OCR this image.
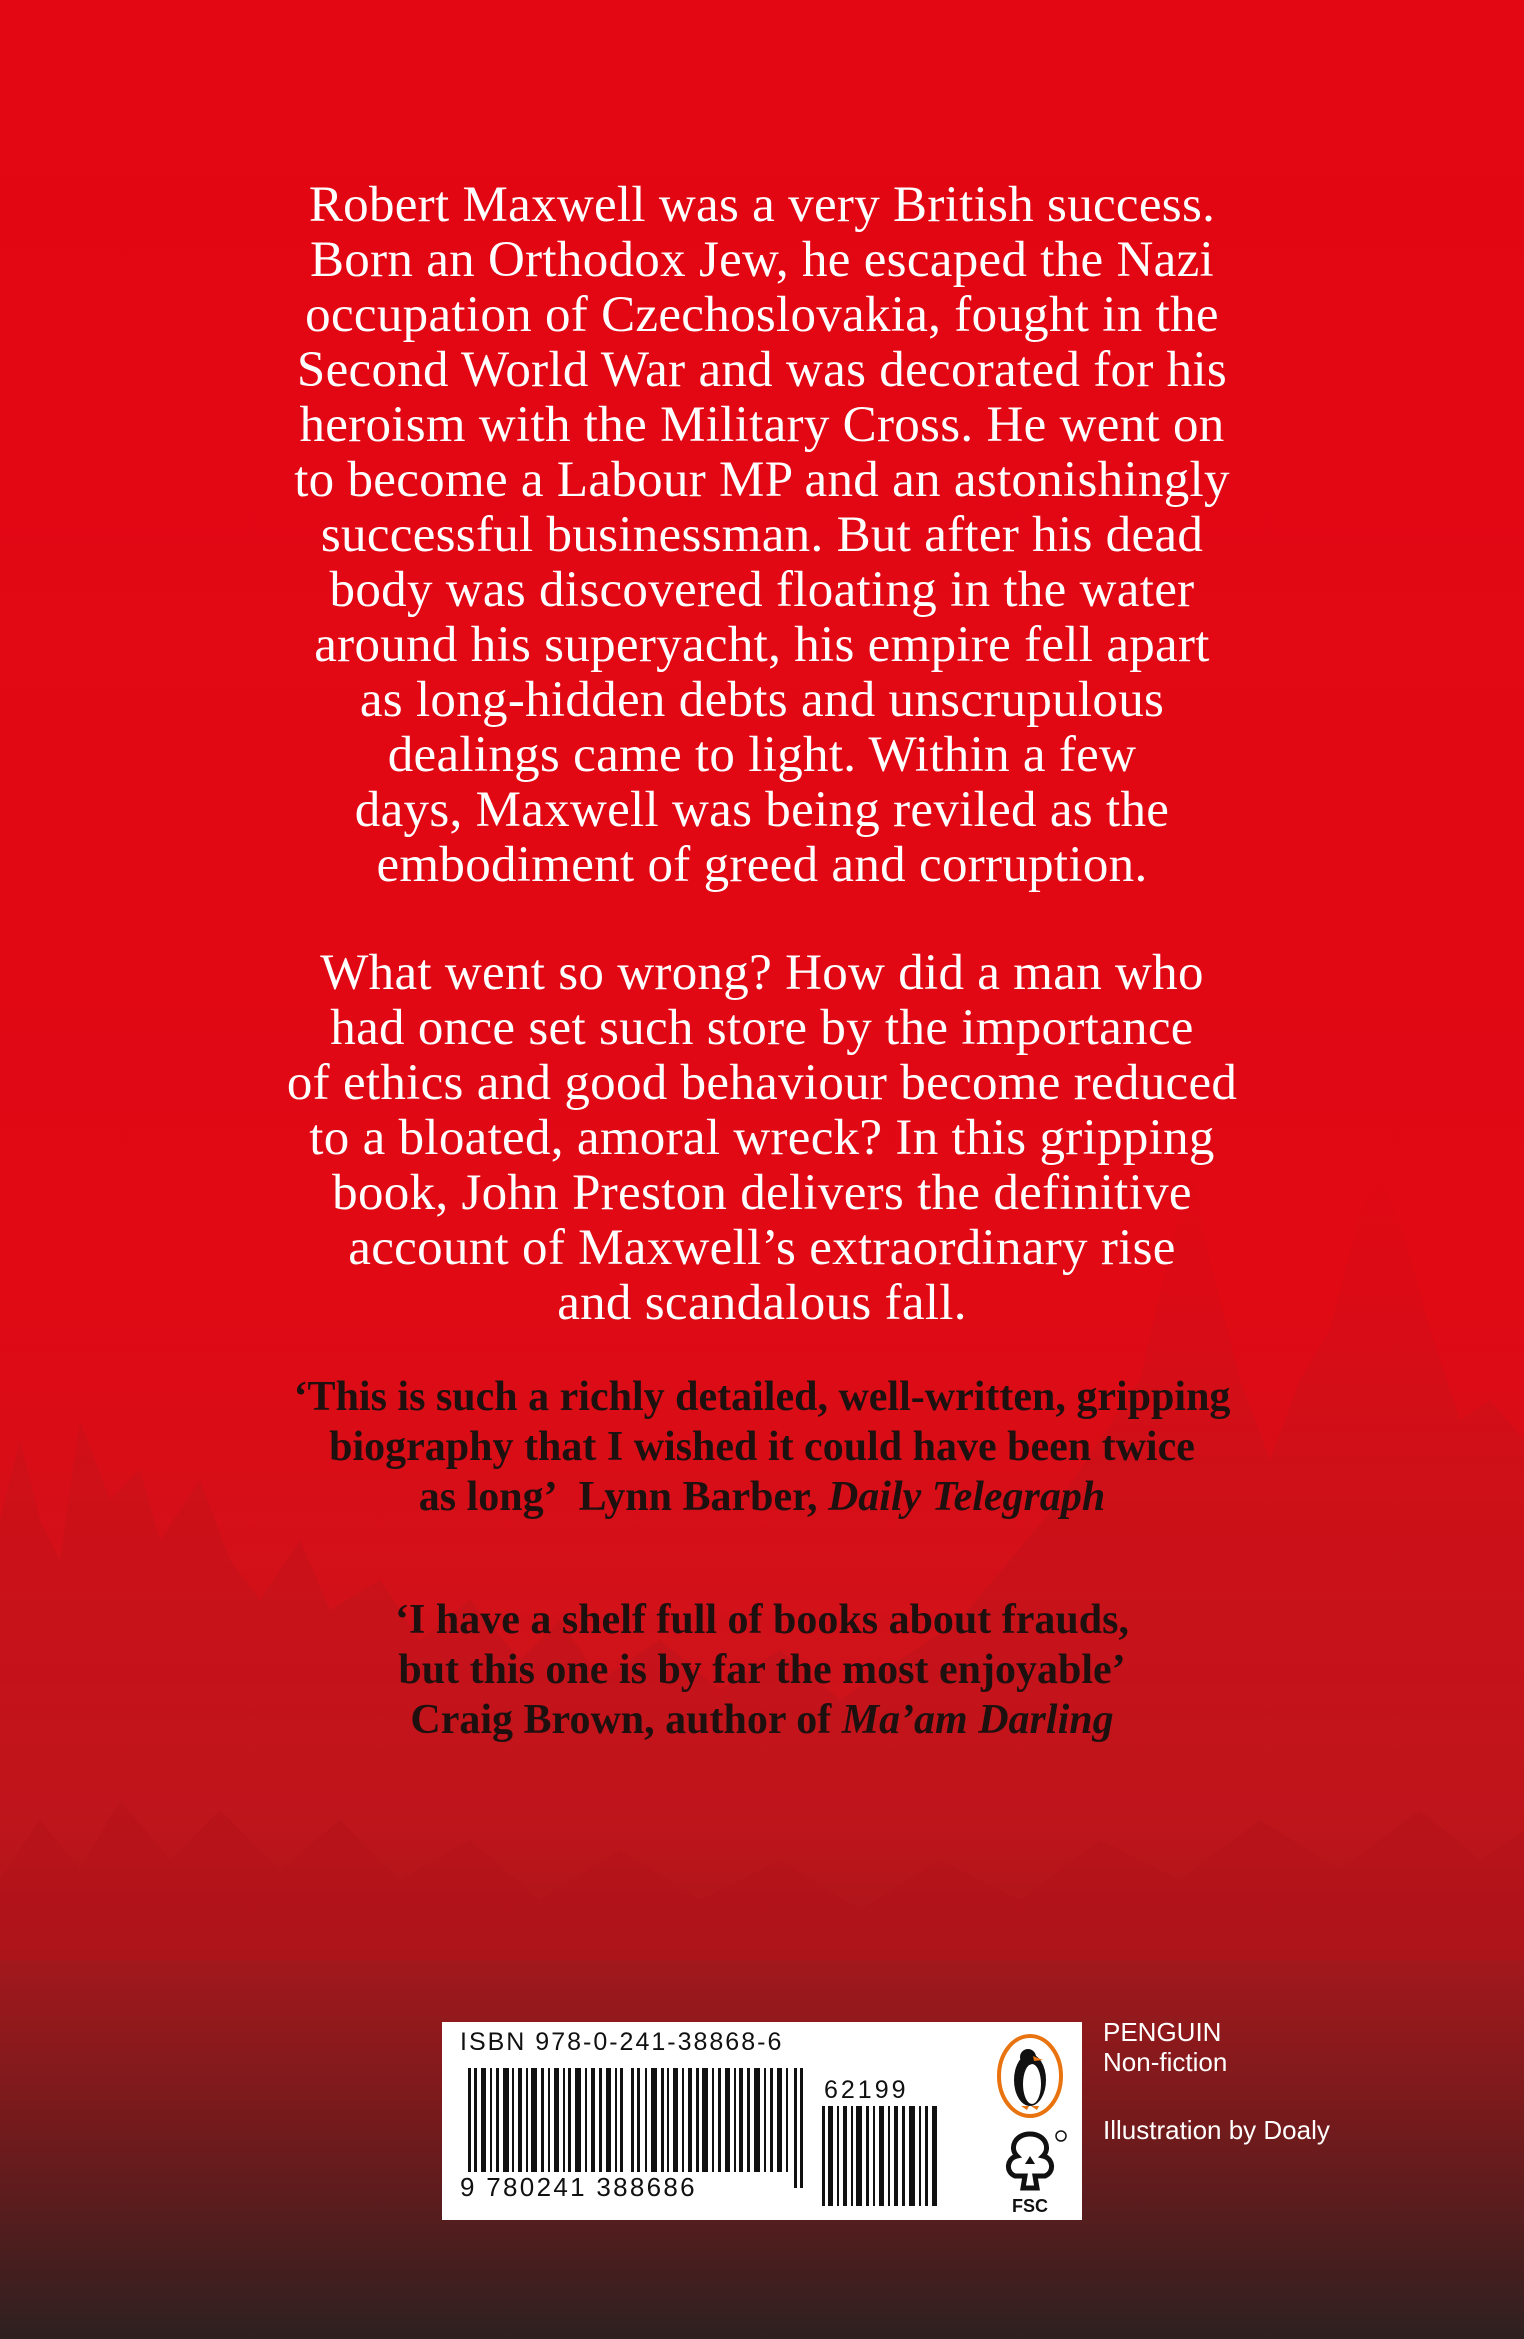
Robert Maxwell was a very British success.
Born an Orthodox Jew, he escaped the Nazi
occupation of Czechoslovakia, fought in the
Second World War and was decorated for his
heroism with the Military Cross. He went on
to become a Labour MP and an astonishingly
successful businessman. But after his dead
body was discovered floating in the water
around his superyacht, his empire fell apart
as long-hidden debts and unscrupulous
dealings came to light. Within a few
days, Maxwell was being reviled as the
embodiment of greed and corruption.

What went so wrong? How did a man who
had once set such store by the importance
of ethics and good behaviour become reduced
to a bloated, amoral wreck? In this gripping
book, John Preston delivers the definitive
account of Maxwell’s extraordinary rise
and scandalous fall.

‘This is such a richly detailed, well-written, gripping
biography that I wished it could have been twice
as long’ Lynn Barber, Daily Telegraph

‘I have a shelf full of books about frauds,
but this one is by far the most enjoyable’
Craig Brown, author of Ma’am Darling

ISBN 978-0-241-38868-6
9 780241 388686
62199
FSC
PENGUIN
Non-fiction
Illustration by Doaly
